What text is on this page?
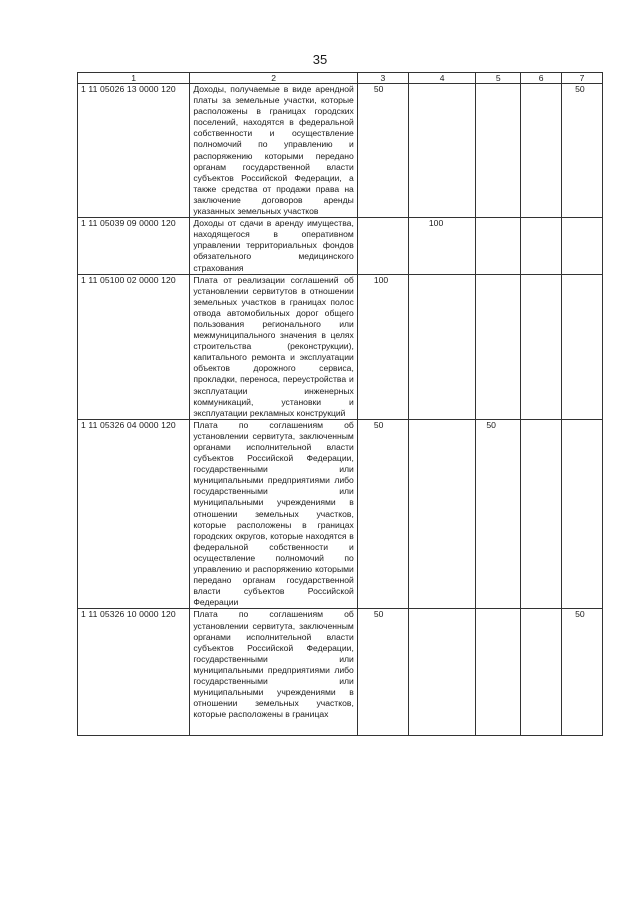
35
1	2	3	4	5	6	7
1 11 05026 13 0000 120	Доходы, получаемые в виде арендной платы за земельные участки, которые расположены в границах городских поселений, находятся в федеральной собственности и осуществление полномочий по управлению и распоряжению которыми передано органам государственной власти субъектов Российской Федерации, а также средства от продажи права на заключение договоров аренды указанных земельных участков	50				50
1 11 05039 09 0000 120	Доходы от сдачи в аренду имущества, находящегося в оперативном управлении территориальных фондов обязательного медицинского страхования		100			
1 11 05100 02 0000 120	Плата от реализации соглашений об установлении сервитутов в отношении земельных участков в границах полос отвода автомобильных дорог общего пользования регионального или межмуниципального значения в целях строительства (реконструкции), капитального ремонта и эксплуатации объектов дорожного сервиса, прокладки, переноса, переустройства и эксплуатации инженерных коммуникаций, установки и эксплуатации рекламных конструкций	100				
1 11 05326 04 0000 120	Плата по соглашениям об установлении сервитута, заключенным органами исполнительной власти субъектов Российской Федерации, государственными или муниципальными предприятиями либо государственными или муниципальными учреждениями в отношении земельных участков, которые расположены в границах городских округов, которые находятся в федеральной собственности и осуществление полномочий по управлению и распоряжению которыми передано органам государственной власти субъектов Российской Федерации	50		50		
1 11 05326 10 0000 120	Плата по соглашениям об установлении сервитута, заключенным органами исполнительной власти субъектов Российской Федерации, государственными или муниципальными предприятиями либо государственными или муниципальными учреждениями в отношении земельных участков, которые расположены в границах	50				50
